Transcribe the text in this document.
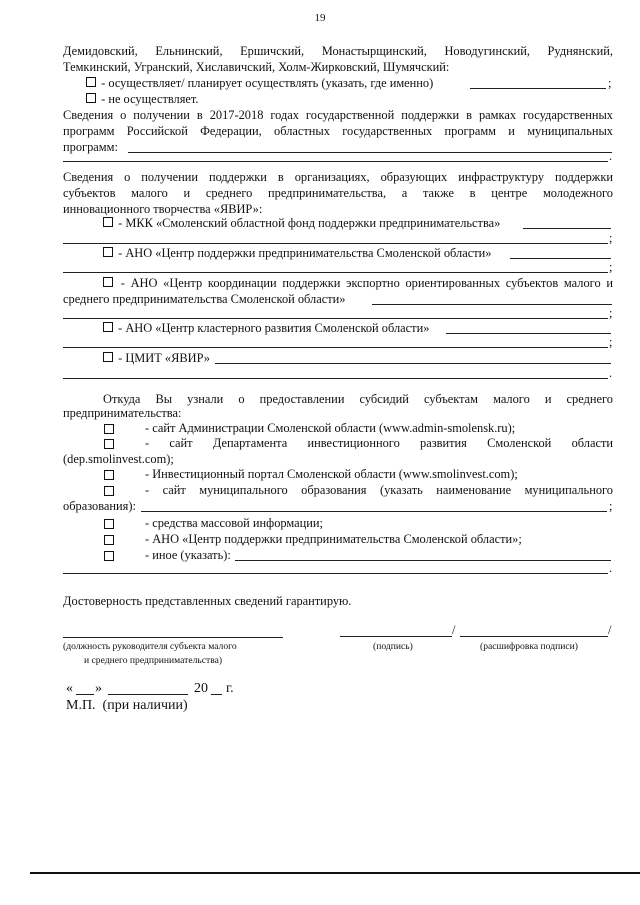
19
Демидовский, Ельнинский, Ершичский, Монастырщинский, Новодугинский, Руднянский,
Темкинский, Угранский, Хиславичский, Холм-Жирковский, Шумячский:
- осуществляет/ планирует осуществлять (указать, где именно)	;
- не осуществляет.
Сведения о получении в 2017-2018 годах государственной поддержки в рамках государственных
программ Российской Федерации, областных государственных программ и муниципальных
программ:
.
Сведения о получении поддержки в организациях, образующих инфраструктуру поддержки
субъектов малого и среднего предпринимательства, а также в центре молодежного
инновационного творчества «ЯВИР»:
- МКК «Смоленский областной фонд поддержки предпринимательства»
;
- АНО «Центр поддержки предпринимательства Смоленской области»
;
- АНО «Центр координации поддержки экспортно ориентированных субъектов малого и
среднего предпринимательства Смоленской области»
;
- АНО «Центр кластерного развития Смоленской области»
;
- ЦМИТ «ЯВИР»
.
Откуда Вы узнали о предоставлении субсидий субъектам малого и среднего
предпринимательства:
- сайт Администрации Смоленской области (www.admin-smolensk.ru);
- сайт Департамента инвестиционного развития Смоленской области
(dep.smolinvest.com);
- Инвестиционный портал Смоленской области (www.smolinvest.com);
- сайт муниципального образования (указать наименование муниципального
образования):	;
- средства массовой информации;
- АНО «Центр поддержки предпринимательства Смоленской области»;
- иное (указать):
.
Достоверность представленных сведений гарантирую.
(должность руководителя субъекта малого
и среднего предпринимательства)
/	/
(подпись)	(расшифровка подписи)
« »	20 г.
М.П.  (при наличии)
